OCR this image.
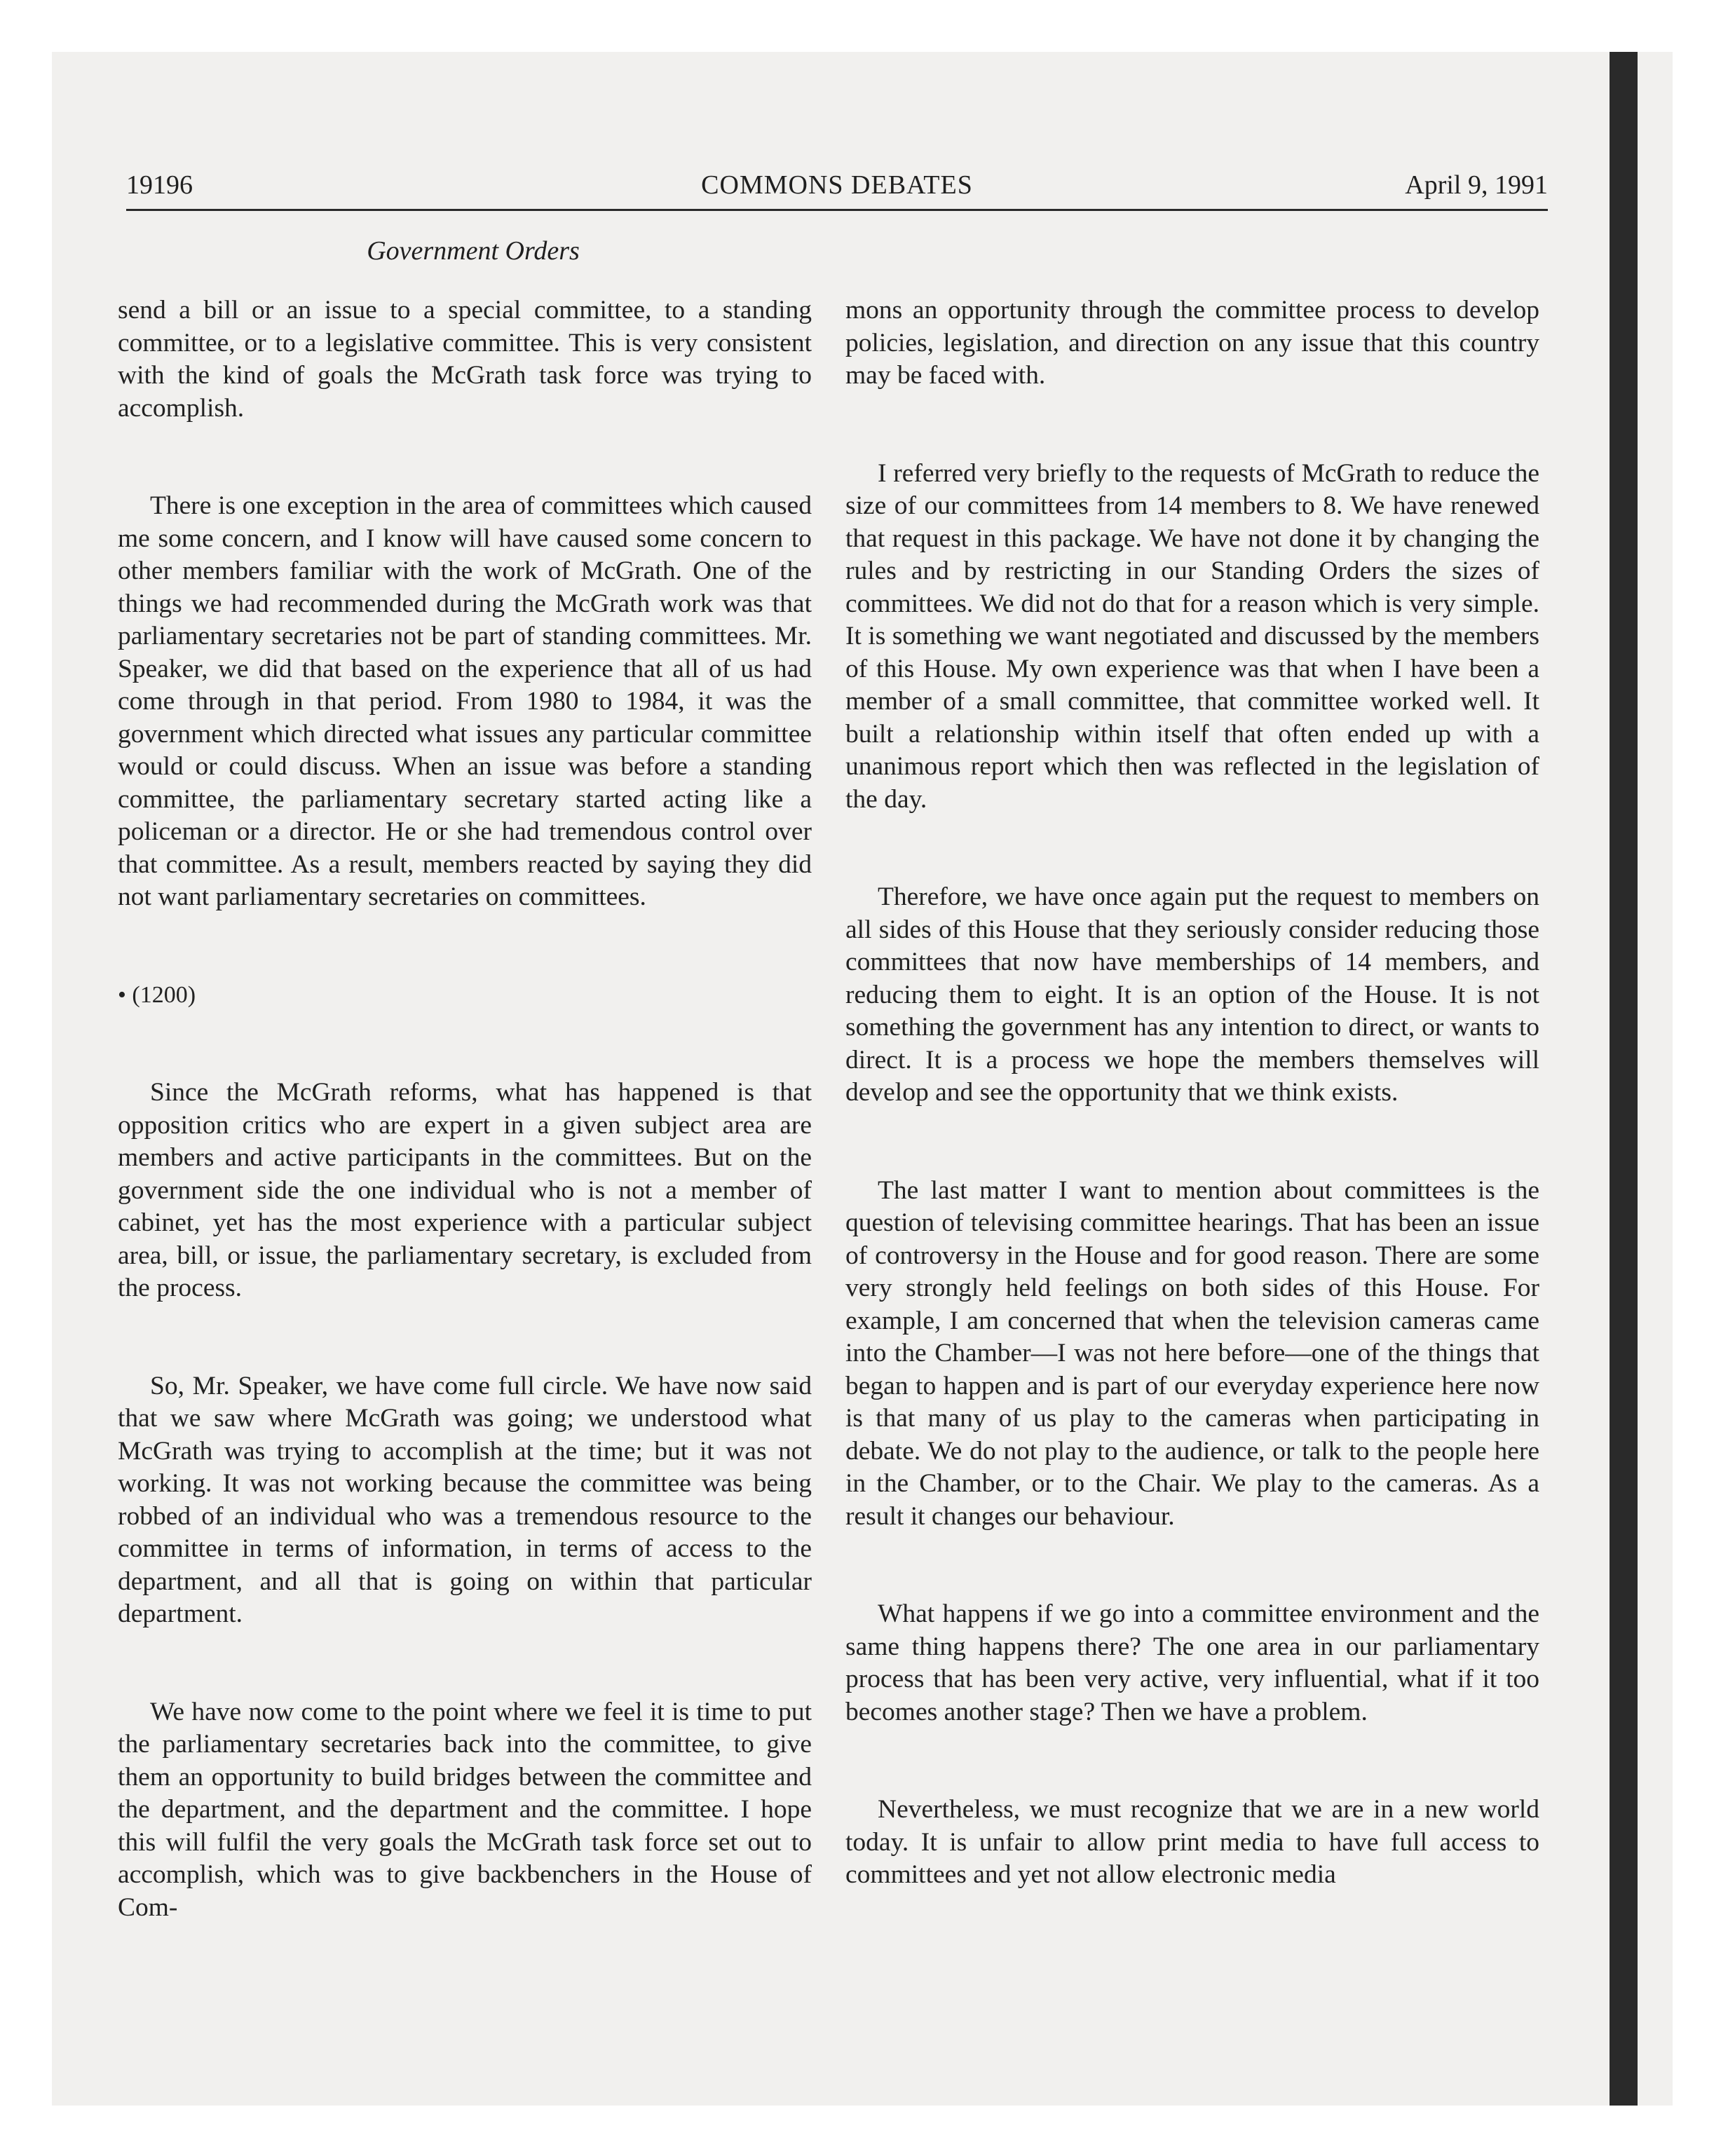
19196	COMMONS DEBATES	April 9, 1991
Government Orders

send a bill or an issue to a special committee, to a standing committee, or to a legislative committee. This is very consistent with the kind of goals the McGrath task force was trying to accomplish.

There is one exception in the area of committees which caused me some concern, and I know will have caused some concern to other members familiar with the work of McGrath. One of the things we had recommended during the McGrath work was that parliamentary secretaries not be part of standing committees. Mr. Speaker, we did that based on the experience that all of us had come through in that period. From 1980 to 1984, it was the government which directed what issues any particular committee would or could discuss. When an issue was before a standing committee, the parliamentary secretary started acting like a policeman or a director. He or she had tremendous control over that committee. As a result, members reacted by saying they did not want parliamentary secretaries on committees.

• (1200)

Since the McGrath reforms, what has happened is that opposition critics who are expert in a given subject area are members and active participants in the committees. But on the government side the one individual who is not a member of cabinet, yet has the most experience with a particular subject area, bill, or issue, the parliamentary secretary, is excluded from the process.

So, Mr. Speaker, we have come full circle. We have now said that we saw where McGrath was going; we understood what McGrath was trying to accomplish at the time; but it was not working. It was not working because the committee was being robbed of an individual who was a tremendous resource to the committee in terms of information, in terms of access to the department, and all that is going on within that particular department.

We have now come to the point where we feel it is time to put the parliamentary secretaries back into the committee, to give them an opportunity to build bridges between the committee and the department, and the department and the committee. I hope this will fulfil the very goals the McGrath task force set out to accomplish, which was to give backbenchers in the House of Com-

mons an opportunity through the committee process to develop policies, legislation, and direction on any issue that this country may be faced with.

I referred very briefly to the requests of McGrath to reduce the size of our committees from 14 members to 8. We have renewed that request in this package. We have not done it by changing the rules and by restricting in our Standing Orders the sizes of committees. We did not do that for a reason which is very simple. It is something we want negotiated and discussed by the members of this House. My own experience was that when I have been a member of a small committee, that committee worked well. It built a relationship within itself that often ended up with a unanimous report which then was reflected in the legislation of the day.

Therefore, we have once again put the request to members on all sides of this House that they seriously consider reducing those committees that now have memberships of 14 members, and reducing them to eight. It is an option of the House. It is not something the government has any intention to direct, or wants to direct. It is a process we hope the members themselves will develop and see the opportunity that we think exists.

The last matter I want to mention about committees is the question of televising committee hearings. That has been an issue of controversy in the House and for good reason. There are some very strongly held feelings on both sides of this House. For example, I am concerned that when the television cameras came into the Chamber—I was not here before—one of the things that began to happen and is part of our everyday experience here now is that many of us play to the cameras when participating in debate. We do not play to the audience, or talk to the people here in the Chamber, or to the Chair. We play to the cameras. As a result it changes our behaviour.

What happens if we go into a committee environment and the same thing happens there? The one area in our parliamentary process that has been very active, very influential, what if it too becomes another stage? Then we have a problem.

Nevertheless, we must recognize that we are in a new world today. It is unfair to allow print media to have full access to committees and yet not allow electronic media
